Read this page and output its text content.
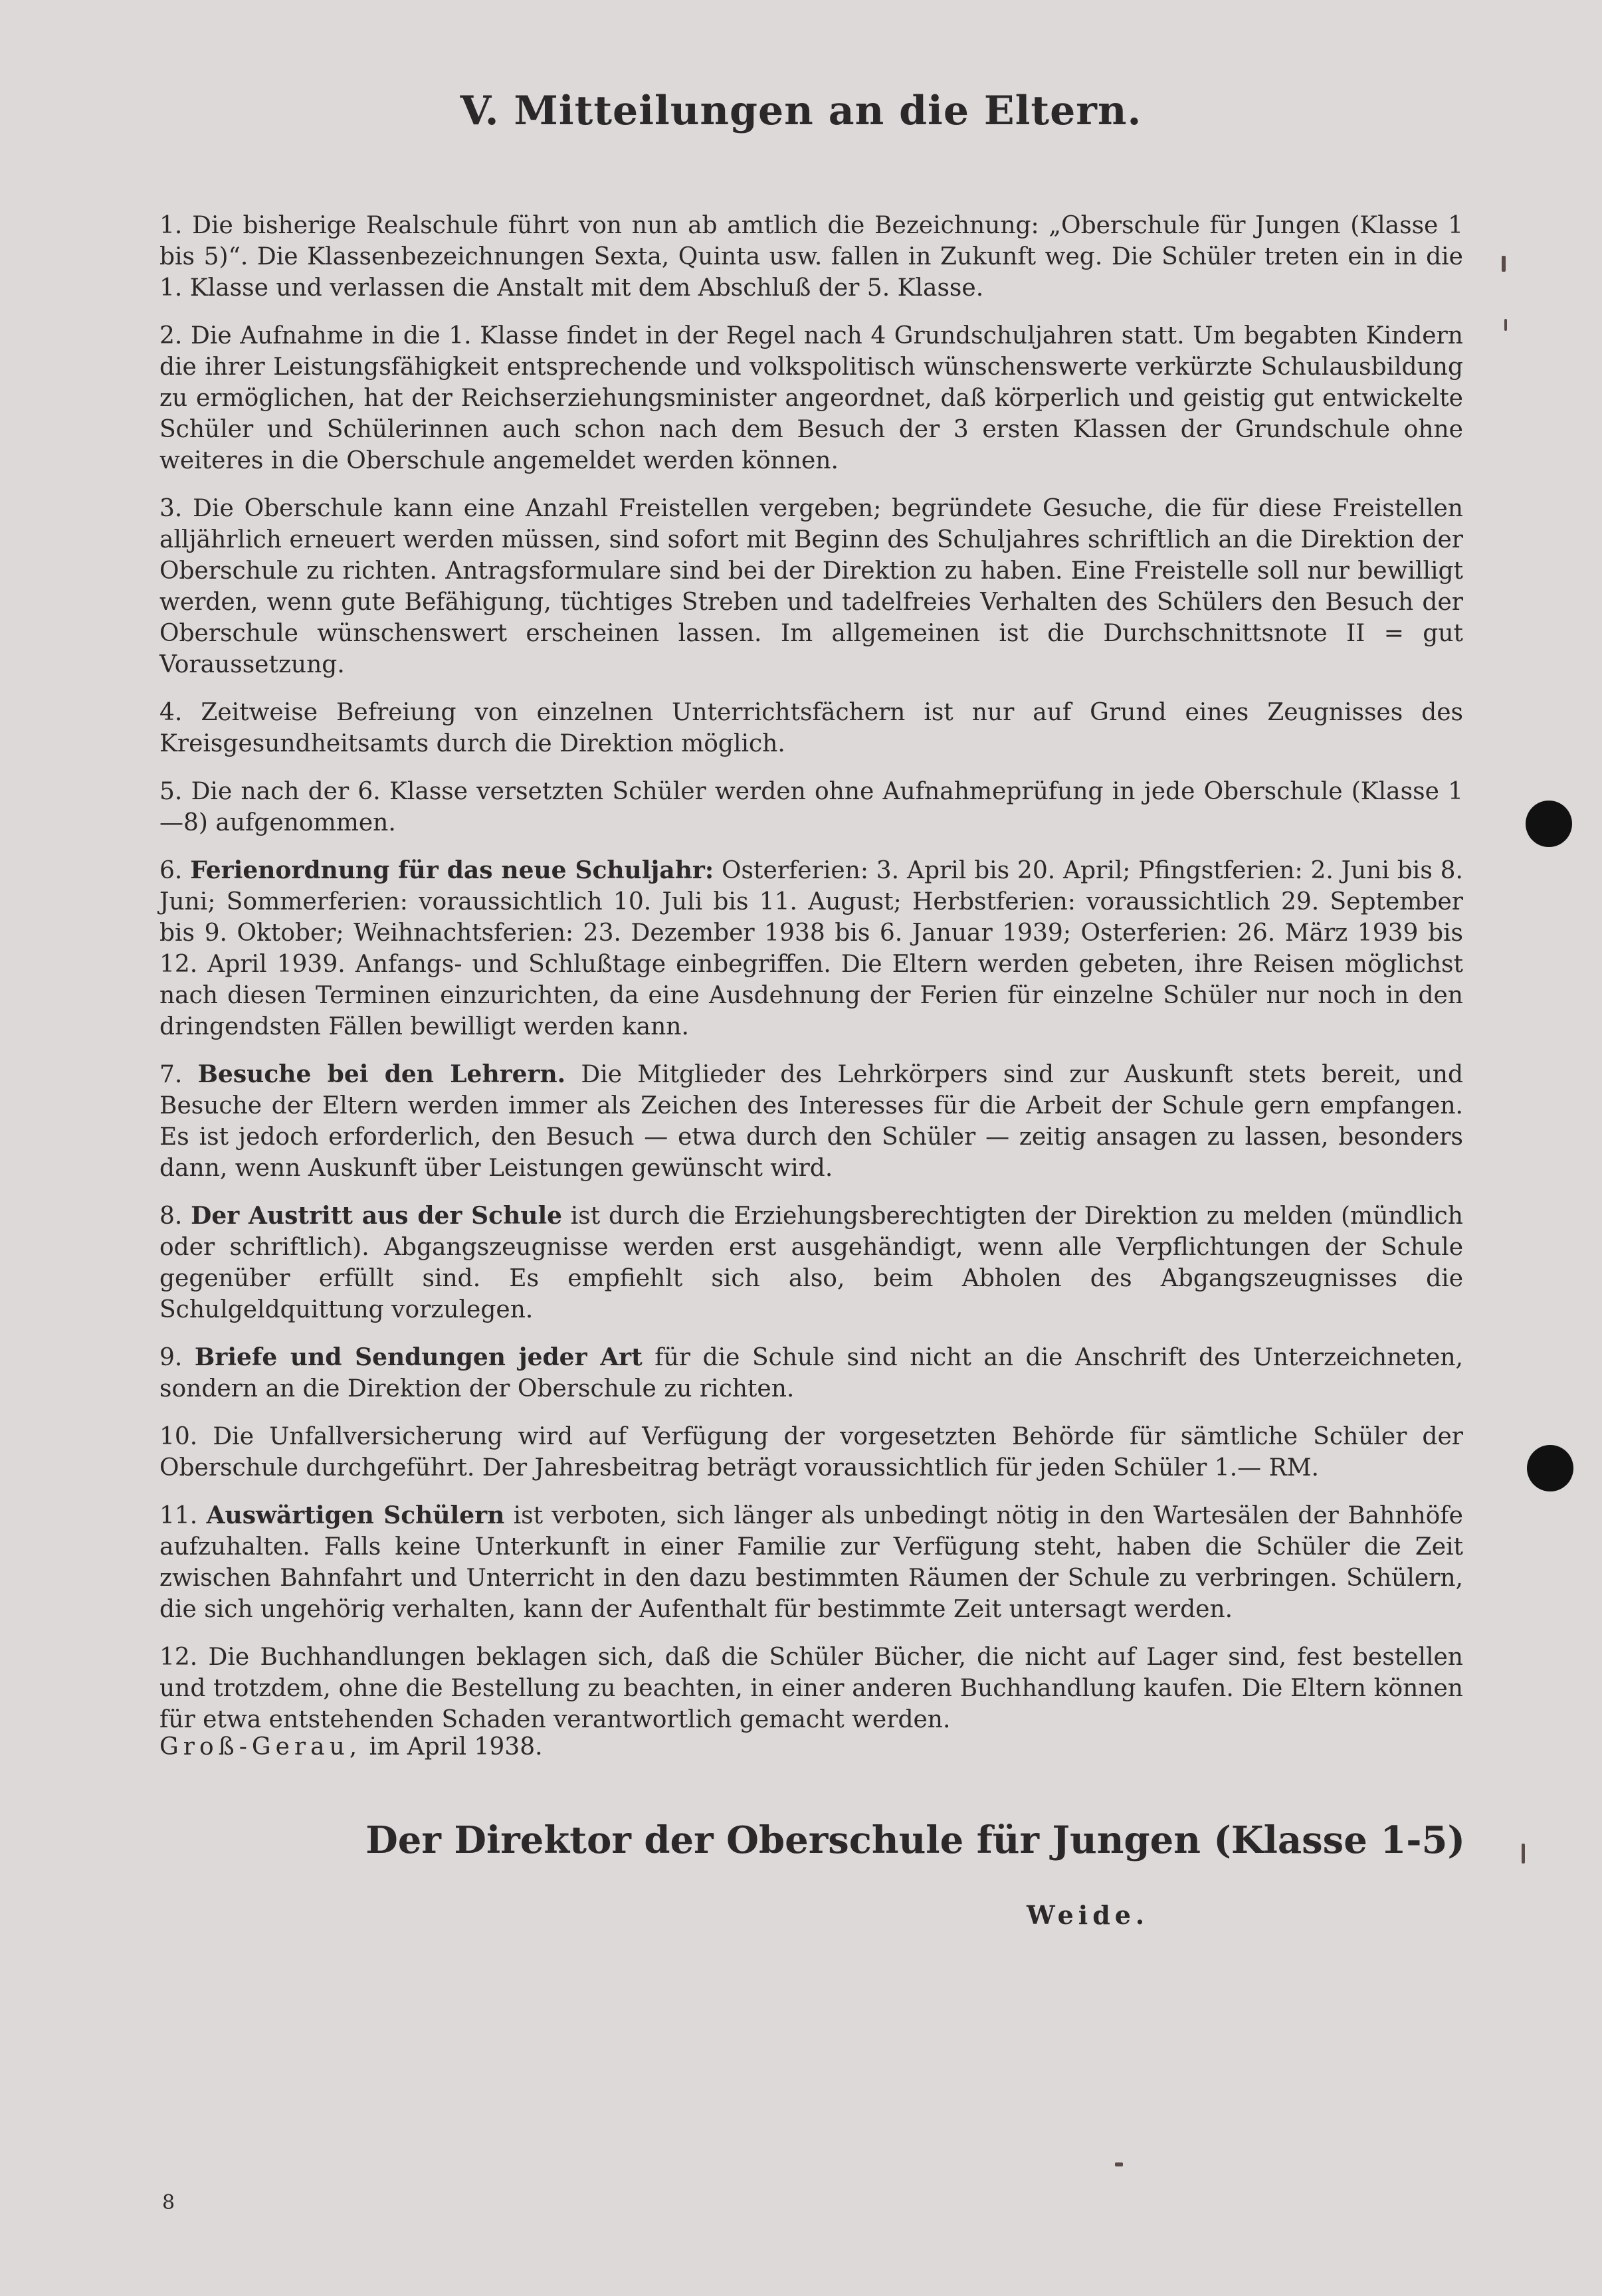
V. Mitteilungen an die Eltern.

1. Die bisherige Realschule führt von nun ab amtlich die Bezeichnung: „Oberschule für Jungen (Klasse 1 bis 5)“. Die Klassenbezeichnungen Sexta, Quinta usw. fallen in Zukunft weg. Die Schüler treten ein in die 1. Klasse und verlassen die Anstalt mit dem Abschluß der 5. Klasse.

2. Die Aufnahme in die 1. Klasse findet in der Regel nach 4 Grundschuljahren statt. Um begabten Kindern die ihrer Leistungsfähigkeit entsprechende und volkspolitisch wünschenswerte verkürzte Schulausbildung zu ermöglichen, hat der Reichserziehungsminister angeordnet, daß körperlich und geistig gut entwickelte Schüler und Schülerinnen auch schon nach dem Besuch der 3 ersten Klassen der Grundschule ohne weiteres in die Oberschule angemeldet werden können.

3. Die Oberschule kann eine Anzahl Freistellen vergeben; begründete Gesuche, die für diese Freistellen alljährlich erneuert werden müssen, sind sofort mit Beginn des Schuljahres schriftlich an die Direktion der Oberschule zu richten. Antragsformulare sind bei der Direktion zu haben. Eine Freistelle soll nur bewilligt werden, wenn gute Befähigung, tüchtiges Streben und tadelfreies Verhalten des Schülers den Besuch der Oberschule wünschenswert erscheinen lassen. Im allgemeinen ist die Durchschnittsnote II = gut Voraussetzung.

4. Zeitweise Befreiung von einzelnen Unterrichtsfächern ist nur auf Grund eines Zeugnisses des Kreisgesundheitsamts durch die Direktion möglich.

5. Die nach der 6. Klasse versetzten Schüler werden ohne Aufnahmeprüfung in jede Oberschule (Klasse 1—8) aufgenommen.

6. Ferienordnung für das neue Schuljahr: Osterferien: 3. April bis 20. April; Pfingstferien: 2. Juni bis 8. Juni; Sommerferien: voraussichtlich 10. Juli bis 11. August; Herbstferien: voraussichtlich 29. September bis 9. Oktober; Weihnachtsferien: 23. Dezember 1938 bis 6. Januar 1939; Osterferien: 26. März 1939 bis 12. April 1939. Anfangs- und Schlußtage einbegriffen. Die Eltern werden gebeten, ihre Reisen möglichst nach diesen Terminen einzurichten, da eine Ausdehnung der Ferien für einzelne Schüler nur noch in den dringendsten Fällen bewilligt werden kann.

7. Besuche bei den Lehrern. Die Mitglieder des Lehrkörpers sind zur Auskunft stets bereit, und Besuche der Eltern werden immer als Zeichen des Interesses für die Arbeit der Schule gern empfangen. Es ist jedoch erforderlich, den Besuch — etwa durch den Schüler — zeitig ansagen zu lassen, besonders dann, wenn Auskunft über Leistungen gewünscht wird.

8. Der Austritt aus der Schule ist durch die Erziehungsberechtigten der Direktion zu melden (mündlich oder schriftlich). Abgangszeugnisse werden erst ausgehändigt, wenn alle Verpflichtungen der Schule gegenüber erfüllt sind. Es empfiehlt sich also, beim Abholen des Abgangszeugnisses die Schulgeldquittung vorzulegen.

9. Briefe und Sendungen jeder Art für die Schule sind nicht an die Anschrift des Unterzeichneten, sondern an die Direktion der Oberschule zu richten.

10. Die Unfallversicherung wird auf Verfügung der vorgesetzten Behörde für sämtliche Schüler der Oberschule durchgeführt. Der Jahresbeitrag beträgt voraussichtlich für jeden Schüler 1.— RM.

11. Auswärtigen Schülern ist verboten, sich länger als unbedingt nötig in den Wartesälen der Bahnhöfe aufzuhalten. Falls keine Unterkunft in einer Familie zur Verfügung steht, haben die Schüler die Zeit zwischen Bahnfahrt und Unterricht in den dazu bestimmten Räumen der Schule zu verbringen. Schülern, die sich ungehörig verhalten, kann der Aufenthalt für bestimmte Zeit untersagt werden.

12. Die Buchhandlungen beklagen sich, daß die Schüler Bücher, die nicht auf Lager sind, fest bestellen und trotzdem, ohne die Bestellung zu beachten, in einer anderen Buchhandlung kaufen. Die Eltern können für etwa entstehenden Schaden verantwortlich gemacht werden.

Groß-Gerau, im April 1938.
Der Direktor der Oberschule für Jungen (Klasse 1-5)
Weide.
8
